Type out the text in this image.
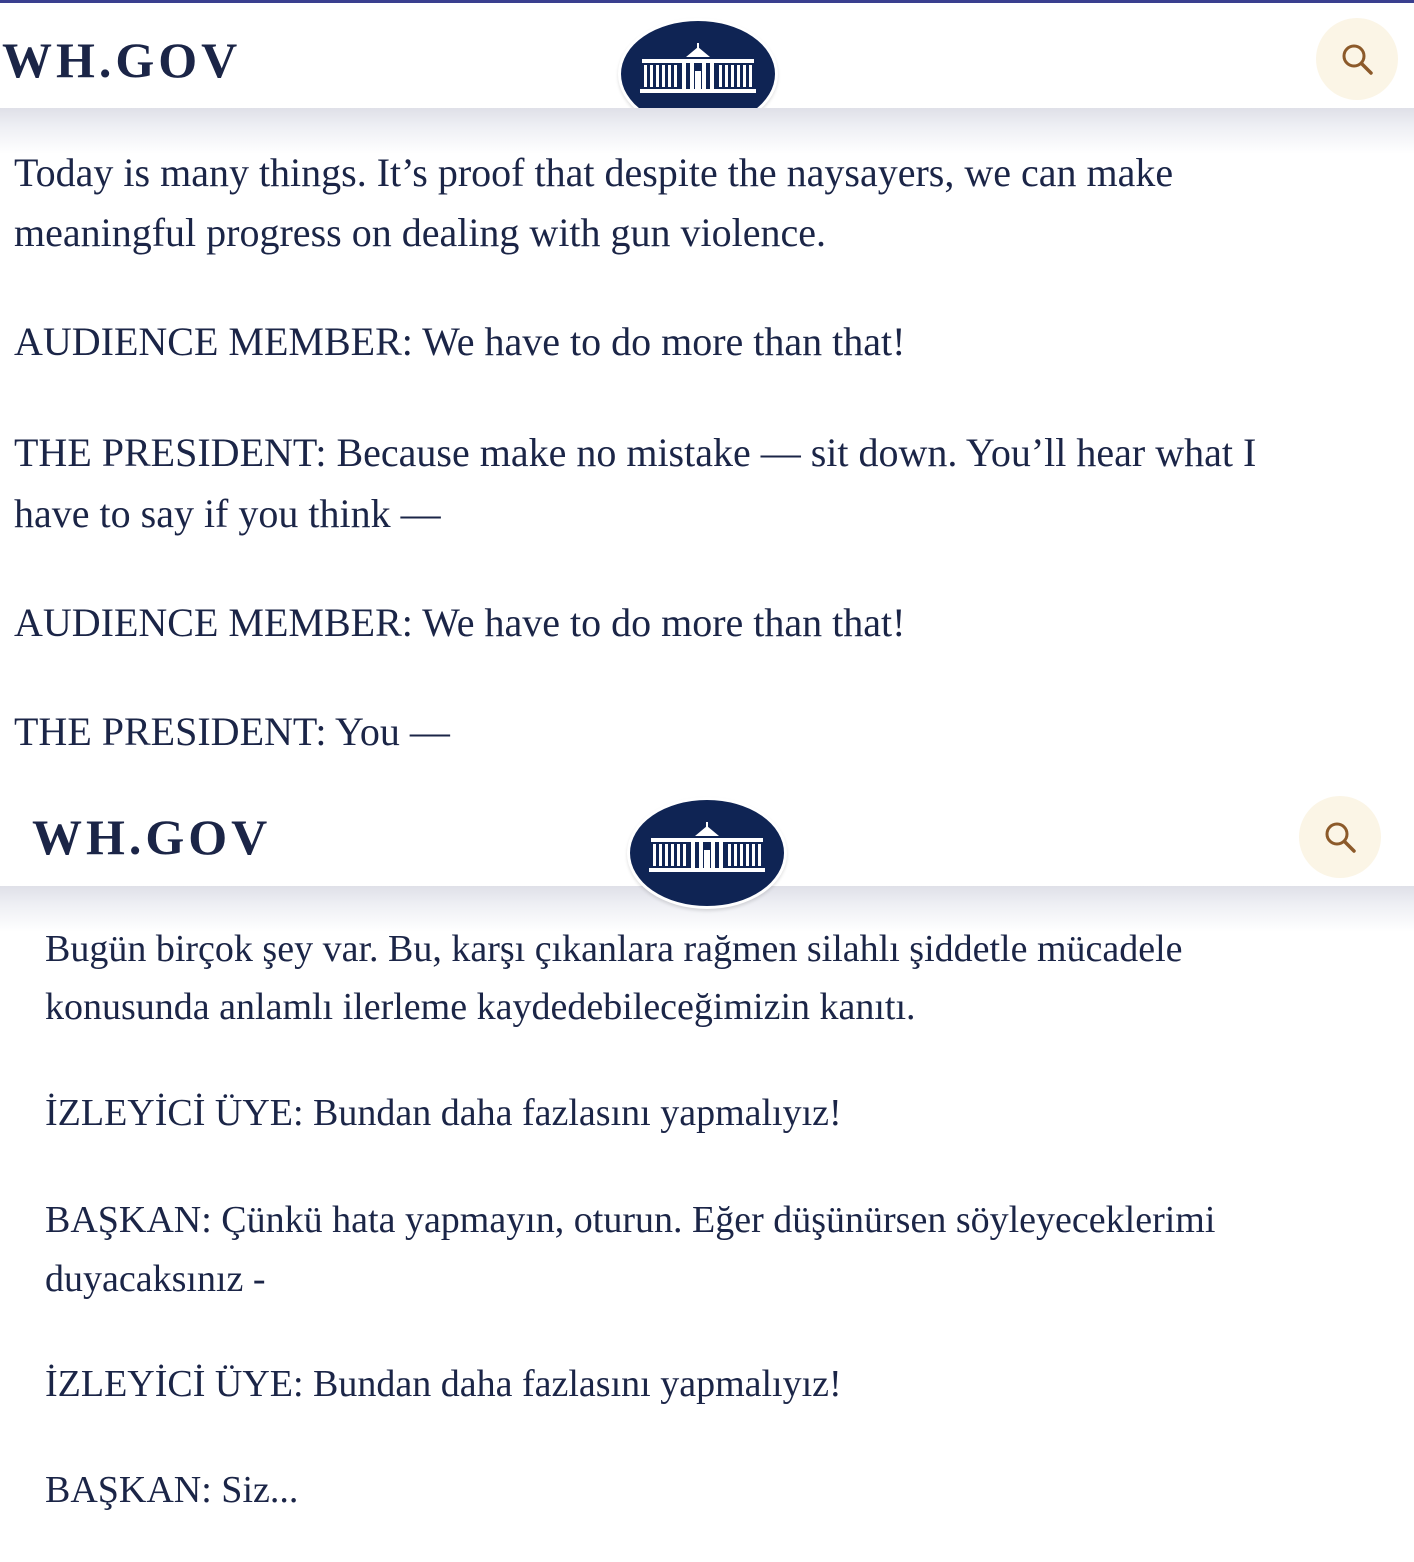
WH.GOV
Today is many things. It’s proof that despite the naysayers, we can make
meaningful progress on dealing with gun violence.
AUDIENCE MEMBER: We have to do more than that!
THE PRESIDENT: Because make no mistake — sit down. You’ll hear what I
have to say if you think —
AUDIENCE MEMBER: We have to do more than that!
THE PRESIDENT: You —
WH.GOV
Bugün birçok şey var. Bu, karşı çıkanlara rağmen silahlı şiddetle mücadele
konusunda anlamlı ilerleme kaydedebileceğimizin kanıtı.
İZLEYİCİ ÜYE: Bundan daha fazlasını yapmalıyız!
BAŞKAN: Çünkü hata yapmayın, oturun. Eğer düşünürsen söyleyeceklerimi
duyacaksınız -
İZLEYİCİ ÜYE: Bundan daha fazlasını yapmalıyız!
BAŞKAN: Siz...
